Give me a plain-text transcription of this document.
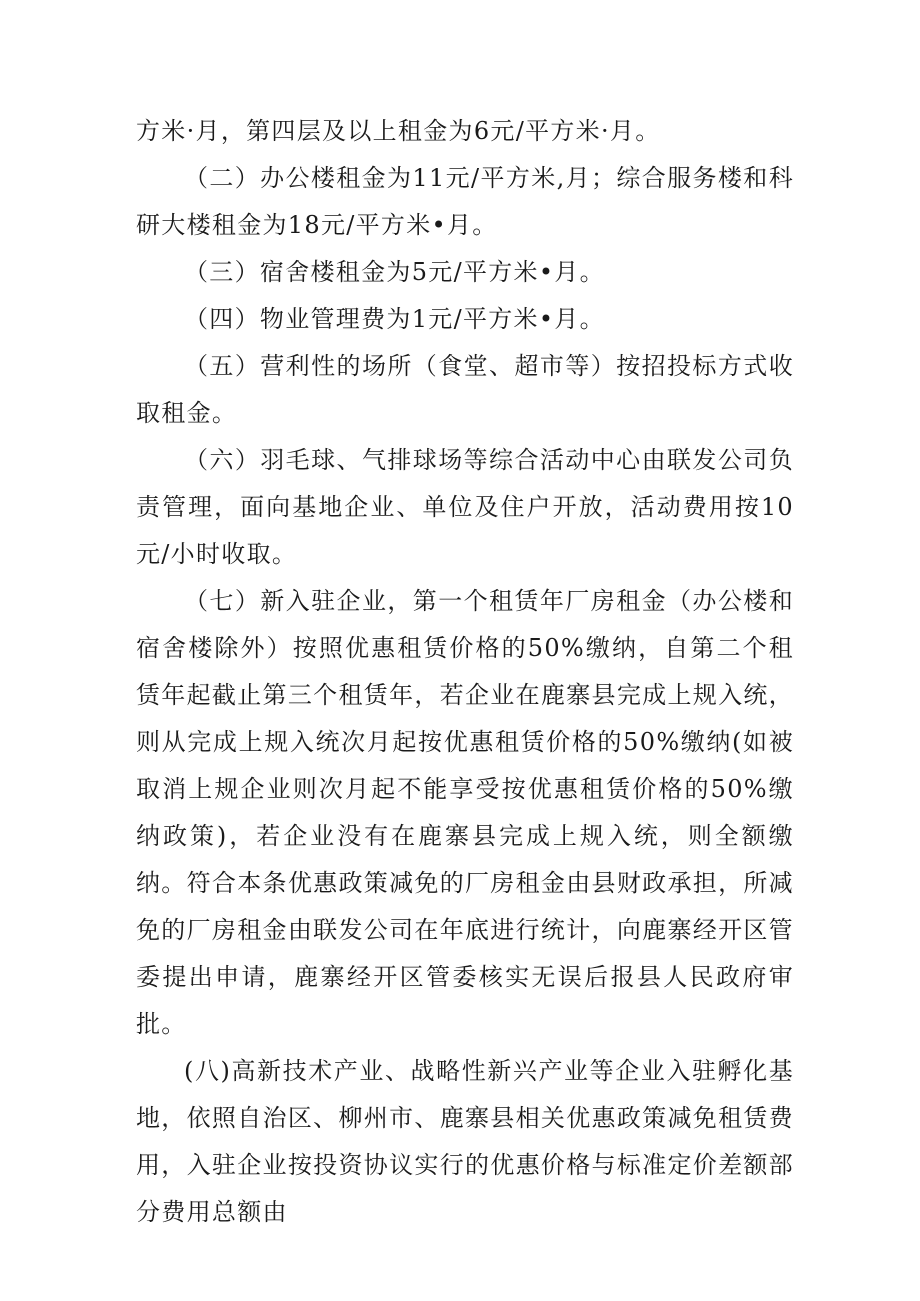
方米·月，第四层及以上租金为6元/平方米·月。

（二）办公楼租金为11元/平方米,月；综合服务楼和科研大楼租金为18元/平方米•月。

（三）宿舍楼租金为5元/平方米•月。

（四）物业管理费为1元/平方米•月。

（五）营利性的场所（食堂、超市等）按招投标方式收取租金。

（六）羽毛球、气排球场等综合活动中心由联发公司负责管理，面向基地企业、单位及住户开放，活动费用按10元/小时收取。

（七）新入驻企业，第一个租赁年厂房租金（办公楼和宿舍楼除外）按照优惠租赁价格的50%缴纳，自第二个租赁年起截止第三个租赁年，若企业在鹿寨县完成上规入统，则从完成上规入统次月起按优惠租赁价格的50%缴纳(如被取消上规企业则次月起不能享受按优惠租赁价格的50%缴纳政策)，若企业没有在鹿寨县完成上规入统，则全额缴纳。符合本条优惠政策减免的厂房租金由县财政承担，所减免的厂房租金由联发公司在年底进行统计，向鹿寨经开区管委提出申请，鹿寨经开区管委核实无误后报县人民政府审批。

(八)高新技术产业、战略性新兴产业等企业入驻孵化基地，依照自治区、柳州市、鹿寨县相关优惠政策减免租赁费用，入驻企业按投资协议实行的优惠价格与标准定价差额部分费用总额由
